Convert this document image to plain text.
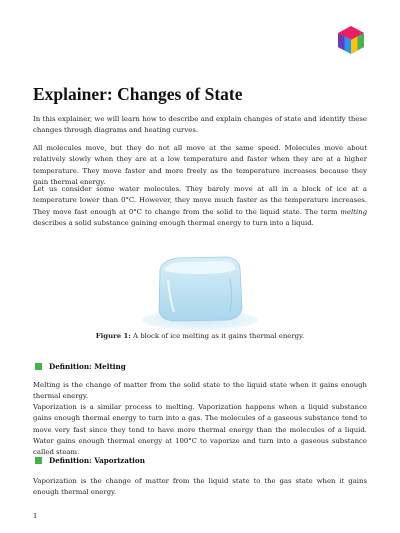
Explainer: Changes of State

In this explainer, we will learn how to describe and explain changes of state and identify these changes through diagrams and heating curves.

All molecules move, but they do not all move at the same speed. Molecules move about relatively slowly when they are at a low temperature and faster when they are at a higher temperature. They move faster and more freely as the temperature increases because they gain thermal energy.

Let us consider some water molecules. They barely move at all in a block of ice at a temperature lower than 0°C. However, they move much faster as the temperature increases. They move fast enough at 0°C to change from the solid to the liquid state. The term melting describes a solid substance gaining enough thermal energy to turn into a liquid.

Figure 1: A block of ice melting as it gains thermal energy.

Definition: Melting

Melting is the change of matter from the solid state to the liquid state when it gains enough thermal energy.

Vaporization is a similar process to melting. Vaporization happens when a liquid substance gains enough thermal energy to turn into a gas. The molecules of a gaseous substance tend to move very fast since they tend to have more thermal energy than the molecules of a liquid. Water gains enough thermal energy at 100°C to vaporize and turn into a gaseous substance called steam.

Definition: Vaporization

Vaporization is the change of matter from the liquid state to the gas state when it gains enough thermal energy.

1
